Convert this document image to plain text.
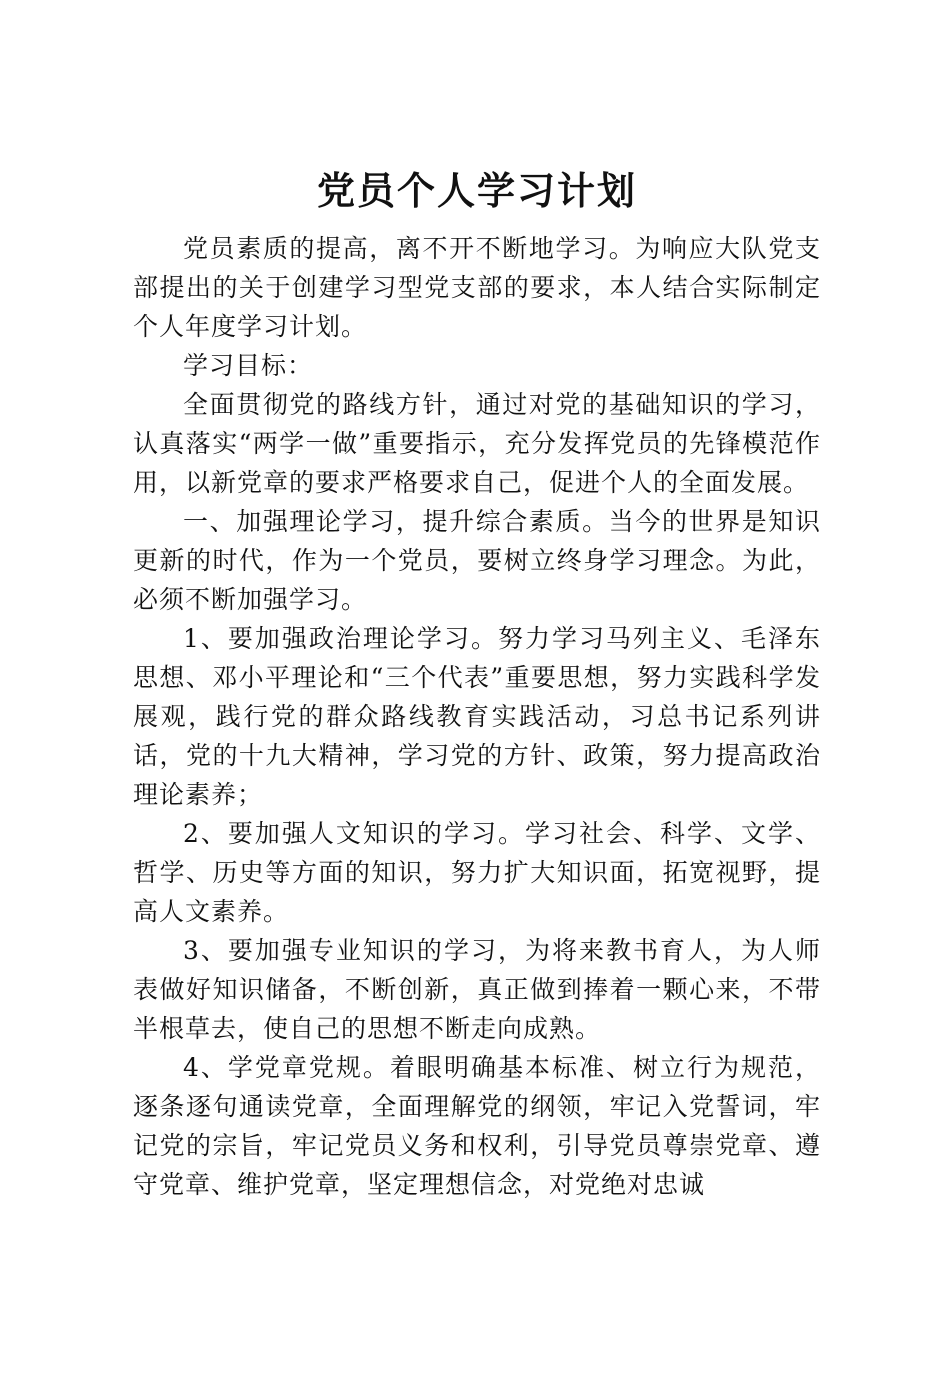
党员个人学习计划

党员素质的提高，离不开不断地学习。为响应大队党支部提出的关于创建学习型党支部的要求，本人结合实际制定个人年度学习计划。

学习目标：

全面贯彻党的路线方针，通过对党的基础知识的学习，认真落实“两学一做”重要指示，充分发挥党员的先锋模范作用，以新党章的要求严格要求自己，促进个人的全面发展。

一、加强理论学习，提升综合素质。当今的世界是知识更新的时代，作为一个党员，要树立终身学习理念。为此，必须不断加强学习。

1、要加强政治理论学习。努力学习马列主义、毛泽东思想、邓小平理论和“三个代表”重要思想，努力实践科学发展观，践行党的群众路线教育实践活动，习总书记系列讲话，党的十九大精神，学习党的方针、政策，努力提高政治理论素养；

2、要加强人文知识的学习。学习社会、科学、文学、哲学、历史等方面的知识，努力扩大知识面，拓宽视野，提高人文素养。

3、要加强专业知识的学习，为将来教书育人，为人师表做好知识储备，不断创新，真正做到捧着一颗心来，不带半根草去，使自己的思想不断走向成熟。

4、学党章党规。着眼明确基本标准、树立行为规范，逐条逐句通读党章，全面理解党的纲领，牢记入党誓词，牢记党的宗旨，牢记党员义务和权利，引导党员尊崇党章、遵守党章、维护党章，坚定理想信念，对党绝对忠诚
